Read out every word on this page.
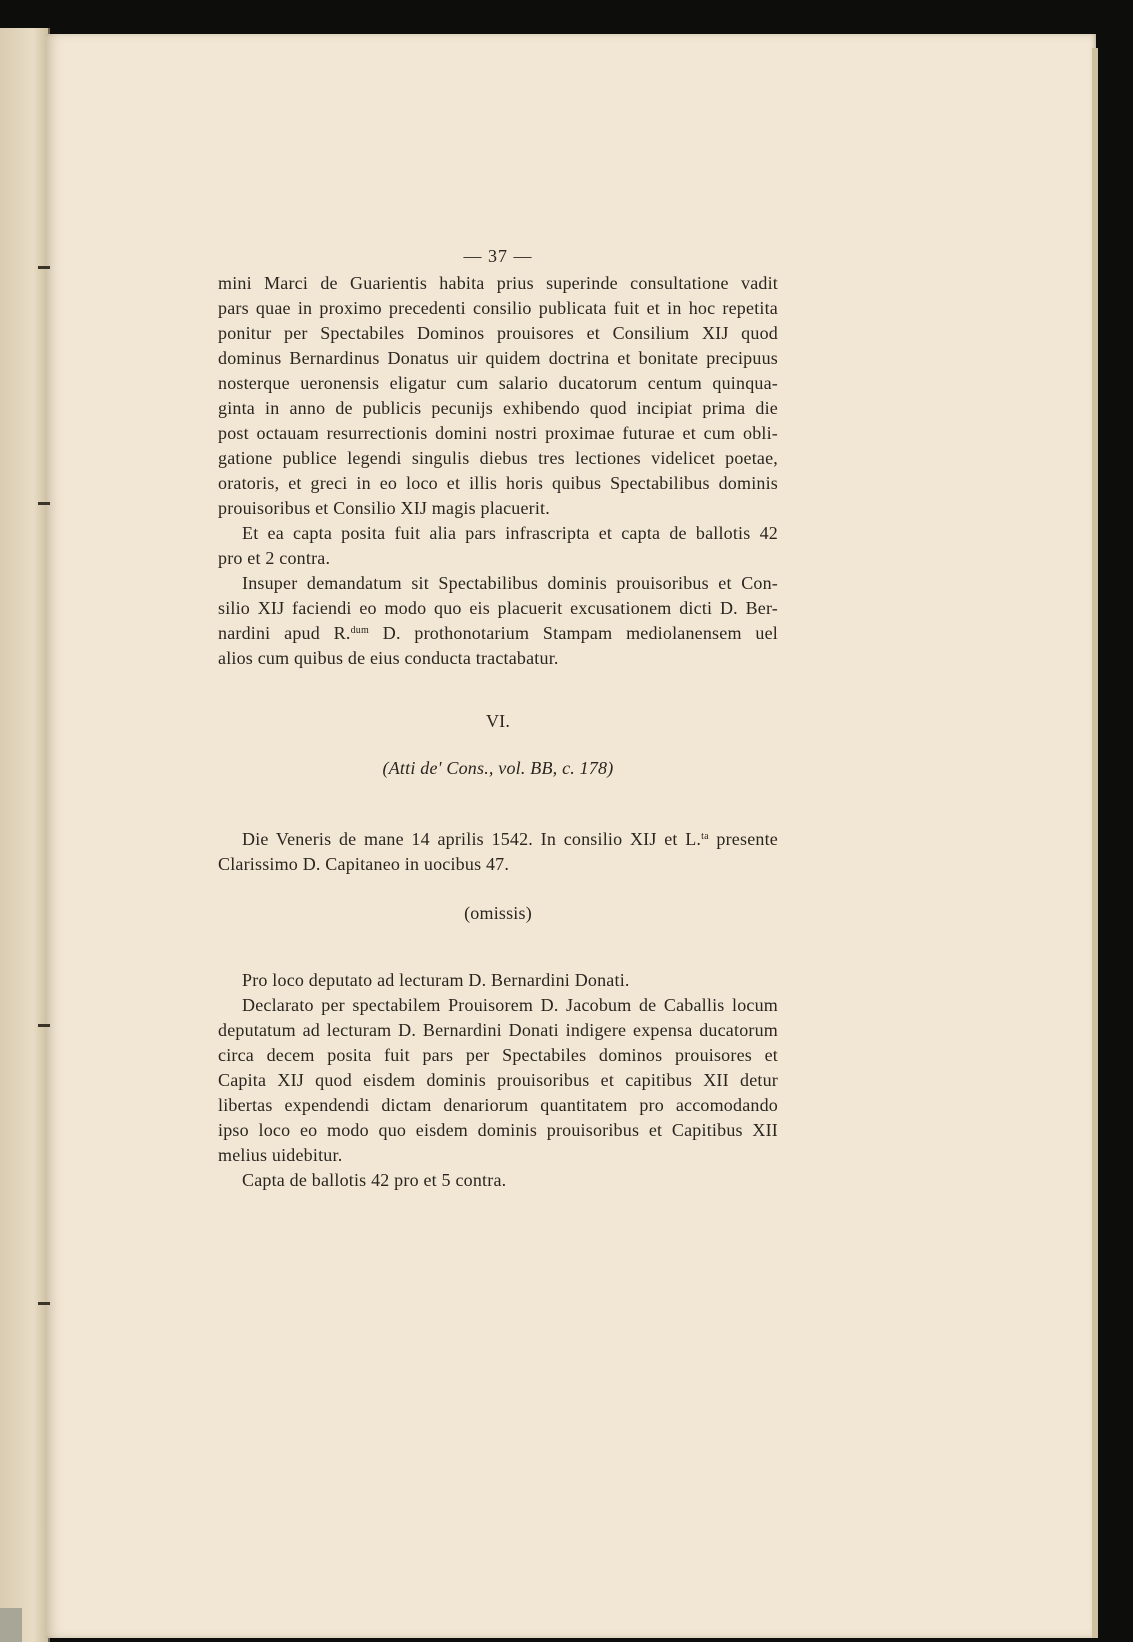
— 37 —
mini Marci de Guarientis habita prius superinde consultatione vadit
pars quae in proximo precedenti consilio publicata fuit et in hoc repetita
ponitur per Spectabiles Dominos prouisores et Consilium XIJ quod
dominus Bernardinus Donatus uir quidem doctrina et bonitate precipuus
nosterque ueronensis eligatur cum salario ducatorum centum quinqua-
ginta in anno de publicis pecunijs exhibendo quod incipiat prima die
post octauam resurrectionis domini nostri proximae futurae et cum obli-
gatione publice legendi singulis diebus tres lectiones videlicet poetae,
oratoris, et greci in eo loco et illis horis quibus Spectabilibus dominis
prouisoribus et Consilio XIJ magis placuerit.
Et ea capta posita fuit alia pars infrascripta et capta de ballotis 42
pro et 2 contra.
Insuper demandatum sit Spectabilibus dominis prouisoribus et Con-
silio XIJ faciendi eo modo quo eis placuerit excusationem dicti D. Ber-
nardini apud R.$^{dum}$ D. prothonotarium Stampam mediolanensem uel
alios cum quibus de eius conducta tractabatur.
VI.
(Atti de' Cons., vol. BB, c. 178)
Die Veneris de mane 14 aprilis 1542. In consilio XIJ et L.$^{ta}$ presente
Clarissimo D. Capitaneo in uocibus 47.
(omissis)
Pro loco deputato ad lecturam D. Bernardini Donati.
Declarato per spectabilem Prouisorem D. Jacobum de Caballis locum
deputatum ad lecturam D. Bernardini Donati indigere expensa ducatorum
circa decem posita fuit pars per Spectabiles dominos prouisores et
Capita XIJ quod eisdem dominis prouisoribus et capitibus XII detur
libertas expendendi dictam denariorum quantitatem pro accomodando
ipso loco eo modo quo eisdem dominis prouisoribus et Capitibus XII
melius uidebitur.
Capta de ballotis 42 pro et 5 contra.
